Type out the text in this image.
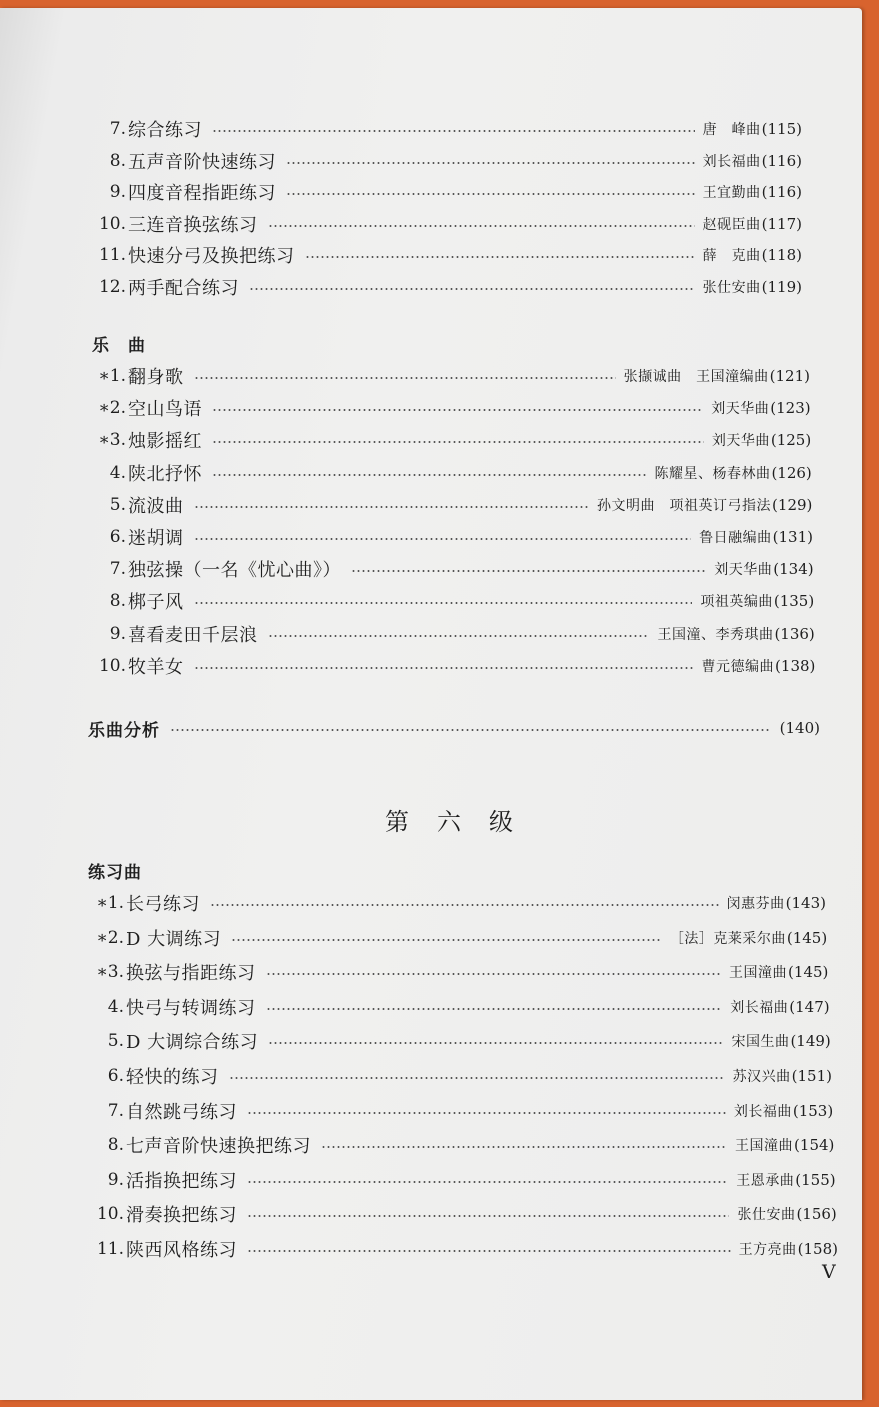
7. 综合练习	唐　峰曲 (115)
8. 五声音阶快速练习	刘长福曲 (116)
9. 四度音程指距练习	王宜勤曲 (116)
10. 三连音换弦练习	赵砚臣曲 (117)
11. 快速分弓及换把练习	薛　克曲 (118)
12. 两手配合练习	张仕安曲 (119)
乐　曲
∗1. 翻身歌	张撷诚曲　王国潼编曲 (121)
∗2. 空山鸟语	刘天华曲 (123)
∗3. 烛影摇红	刘天华曲 (125)
4. 陕北抒怀	陈耀星、杨春林曲 (126)
5. 流波曲	孙文明曲　项祖英订弓指法 (129)
6. 迷胡调	鲁日融编曲 (131)
7. 独弦操（一名《忧心曲》）	刘天华曲 (134)
8. 梆子风	项祖英编曲 (135)
9. 喜看麦田千层浪	王国潼、李秀琪曲 (136)
10. 牧羊女	曹元德编曲 (138)
乐曲分析	(140)
第六级
练习曲
∗1. 长弓练习	闵惠芬曲 (143)
∗2. D 大调练习	［法］克莱采尔曲 (145)
∗3. 换弦与指距练习	王国潼曲 (145)
4. 快弓与转调练习	刘长福曲 (147)
5. D 大调综合练习	宋国生曲 (149)
6. 轻快的练习	苏汉兴曲 (151)
7. 自然跳弓练习	刘长福曲 (153)
8. 七声音阶快速换把练习	王国潼曲 (154)
9. 活指换把练习	王恩承曲 (155)
10. 滑奏换把练习	张仕安曲 (156)
11. 陕西风格练习	王方亮曲 (158)
V
